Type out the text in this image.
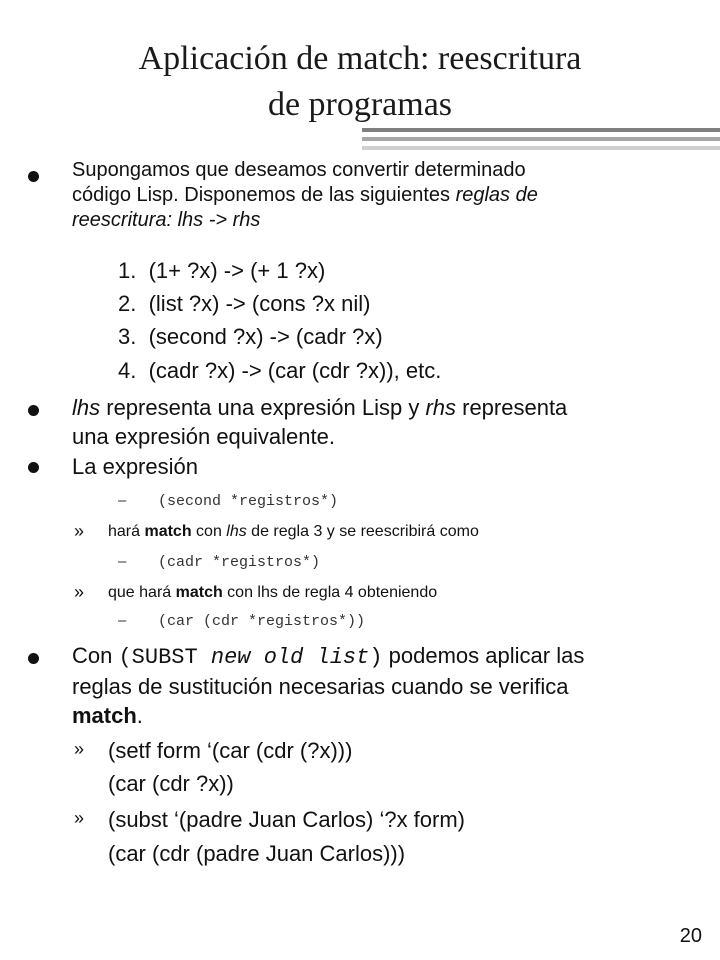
Aplicación de match: reescritura
de programas
Supongamos que deseamos convertir determinado
código Lisp. Disponemos de las siguientes reglas de
reescritura: lhs -> rhs
1. (1+ ?x) -> (+ 1 ?x)
2. (list ?x) -> (cons ?x nil)
3. (second ?x) -> (cadr ?x)
4. (cadr ?x) -> (car (cdr ?x)), etc.
lhs representa una expresión Lisp y rhs representa
una expresión equivalente.
La expresión
– (second *registros*)
» hará match con lhs de regla 3 y se reescribirá como
– (cadr *registros*)
» que hará match con lhs de regla 4 obteniendo
– (car (cdr *registros*))
Con (SUBST new old list) podemos aplicar las
reglas de sustitución necesarias cuando se verifica
match.
» (setf form ‘(car (cdr (?x)))
(car (cdr ?x))
» (subst ‘(padre Juan Carlos) ‘?x form)
(car (cdr (padre Juan Carlos)))
20
